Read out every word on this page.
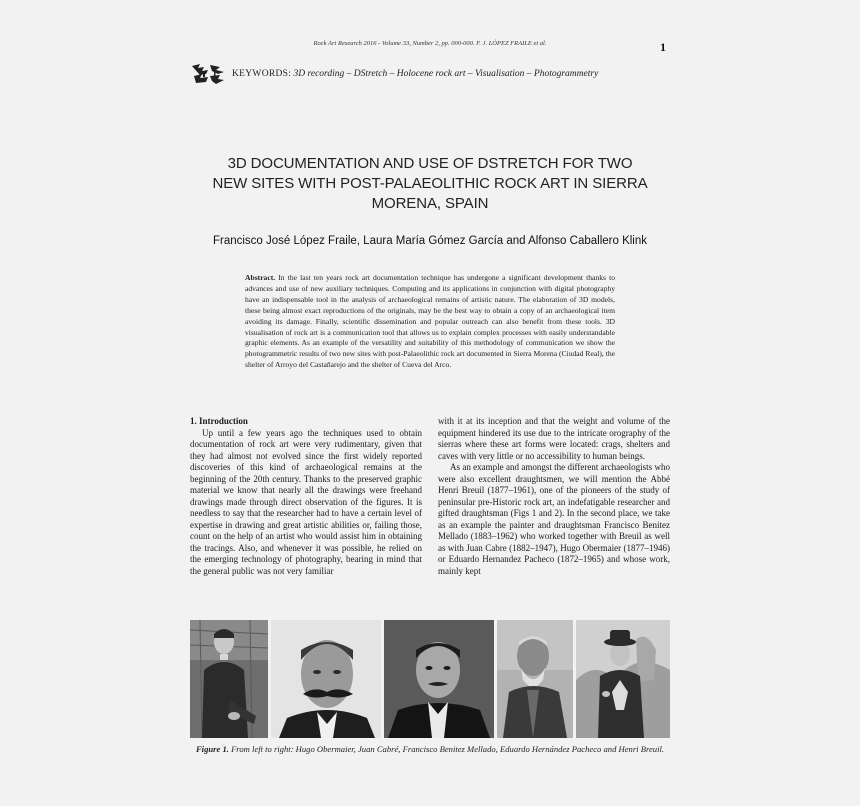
Rock Art Research 2016 - Volume 33, Number 2, pp. 000-000. F. J. LÓPEZ FRAILE et al.	1
KEYWORDS: 3D recording – DStretch – Holocene rock art – Visualisation – Photogrammetry
3D DOCUMENTATION AND USE OF DSTRETCH FOR TWO
NEW SITES WITH POST-PALAEOLITHIC ROCK ART IN SIERRA
MORENA, SPAIN
Francisco José López Fraile, Laura María Gómez García and Alfonso Caballero Klink
Abstract. In the last ten years rock art documentation technique has undergone a significant development thanks to advances and use of new auxiliary techniques. Computing and its applications in conjunction with digital photography have an indispensable tool in the analysis of archaeological remains of artistic nature. The elaboration of 3D models, these being almost exact reproductions of the originals, may be the best way to obtain a copy of an archaeological item avoiding its damage. Finally, scientific dissemination and popular outreach can also benefit from these tools. 3D visualisation of rock art is a communication tool that allows us to explain complex processes with easily understandable graphic elements. As an example of the versatility and suitability of this methodology of communication we show the photogrammetric results of two new sites with post-Palaeolithic rock art documented in Sierra Morena (Ciudad Real), the shelter of Arroyo del Castañarejo and the shelter of Cueva del Arco.
1. Introduction

Up until a few years ago the techniques used to obtain documentation of rock art were very rudimentary, given that they had almost not evolved since the first widely reported discoveries of this kind of archaeological remains at the beginning of the 20th century. Thanks to the preserved graphic material we know that nearly all the drawings were freehand drawings made through direct observation of the figures. It is needless to say that the researcher had to have a certain level of expertise in drawing and great artistic abilities or, failing those, count on the help of an artist who would assist him in obtaining the tracings. Also, and whenever it was possible, he relied on the emerging technology of photography, bearing in mind that the general public was not very familiar

with it at its inception and that the weight and volume of the equipment hindered its use due to the intricate orography of the sierras where these art forms were located: crags, shelters and caves with very little or no accessibility to human beings.

As an example and amongst the different archaeologists who were also excellent draughtsmen, we will mention the Abbé Henri Breuil (1877–1961), one of the pioneers of the study of peninsular pre-Historic rock art, an indefatigable researcher and gifted draughtsman (Figs 1 and 2). In the second place, we take as an example the painter and draughtsman Francisco Benitez Mellado (1883–1962) who worked together with Breuil as well as with Juan Cabre (1882–1947), Hugo Obermaier (1877–1946) or Eduardo Hernandez Pacheco (1872–1965) and whose work, mainly kept

Figure 1. From left to right: Hugo Obermaier, Juan Cabré, Francisco Benitez Mellado, Eduardo Hernández Pacheco and Henri Breuil.
